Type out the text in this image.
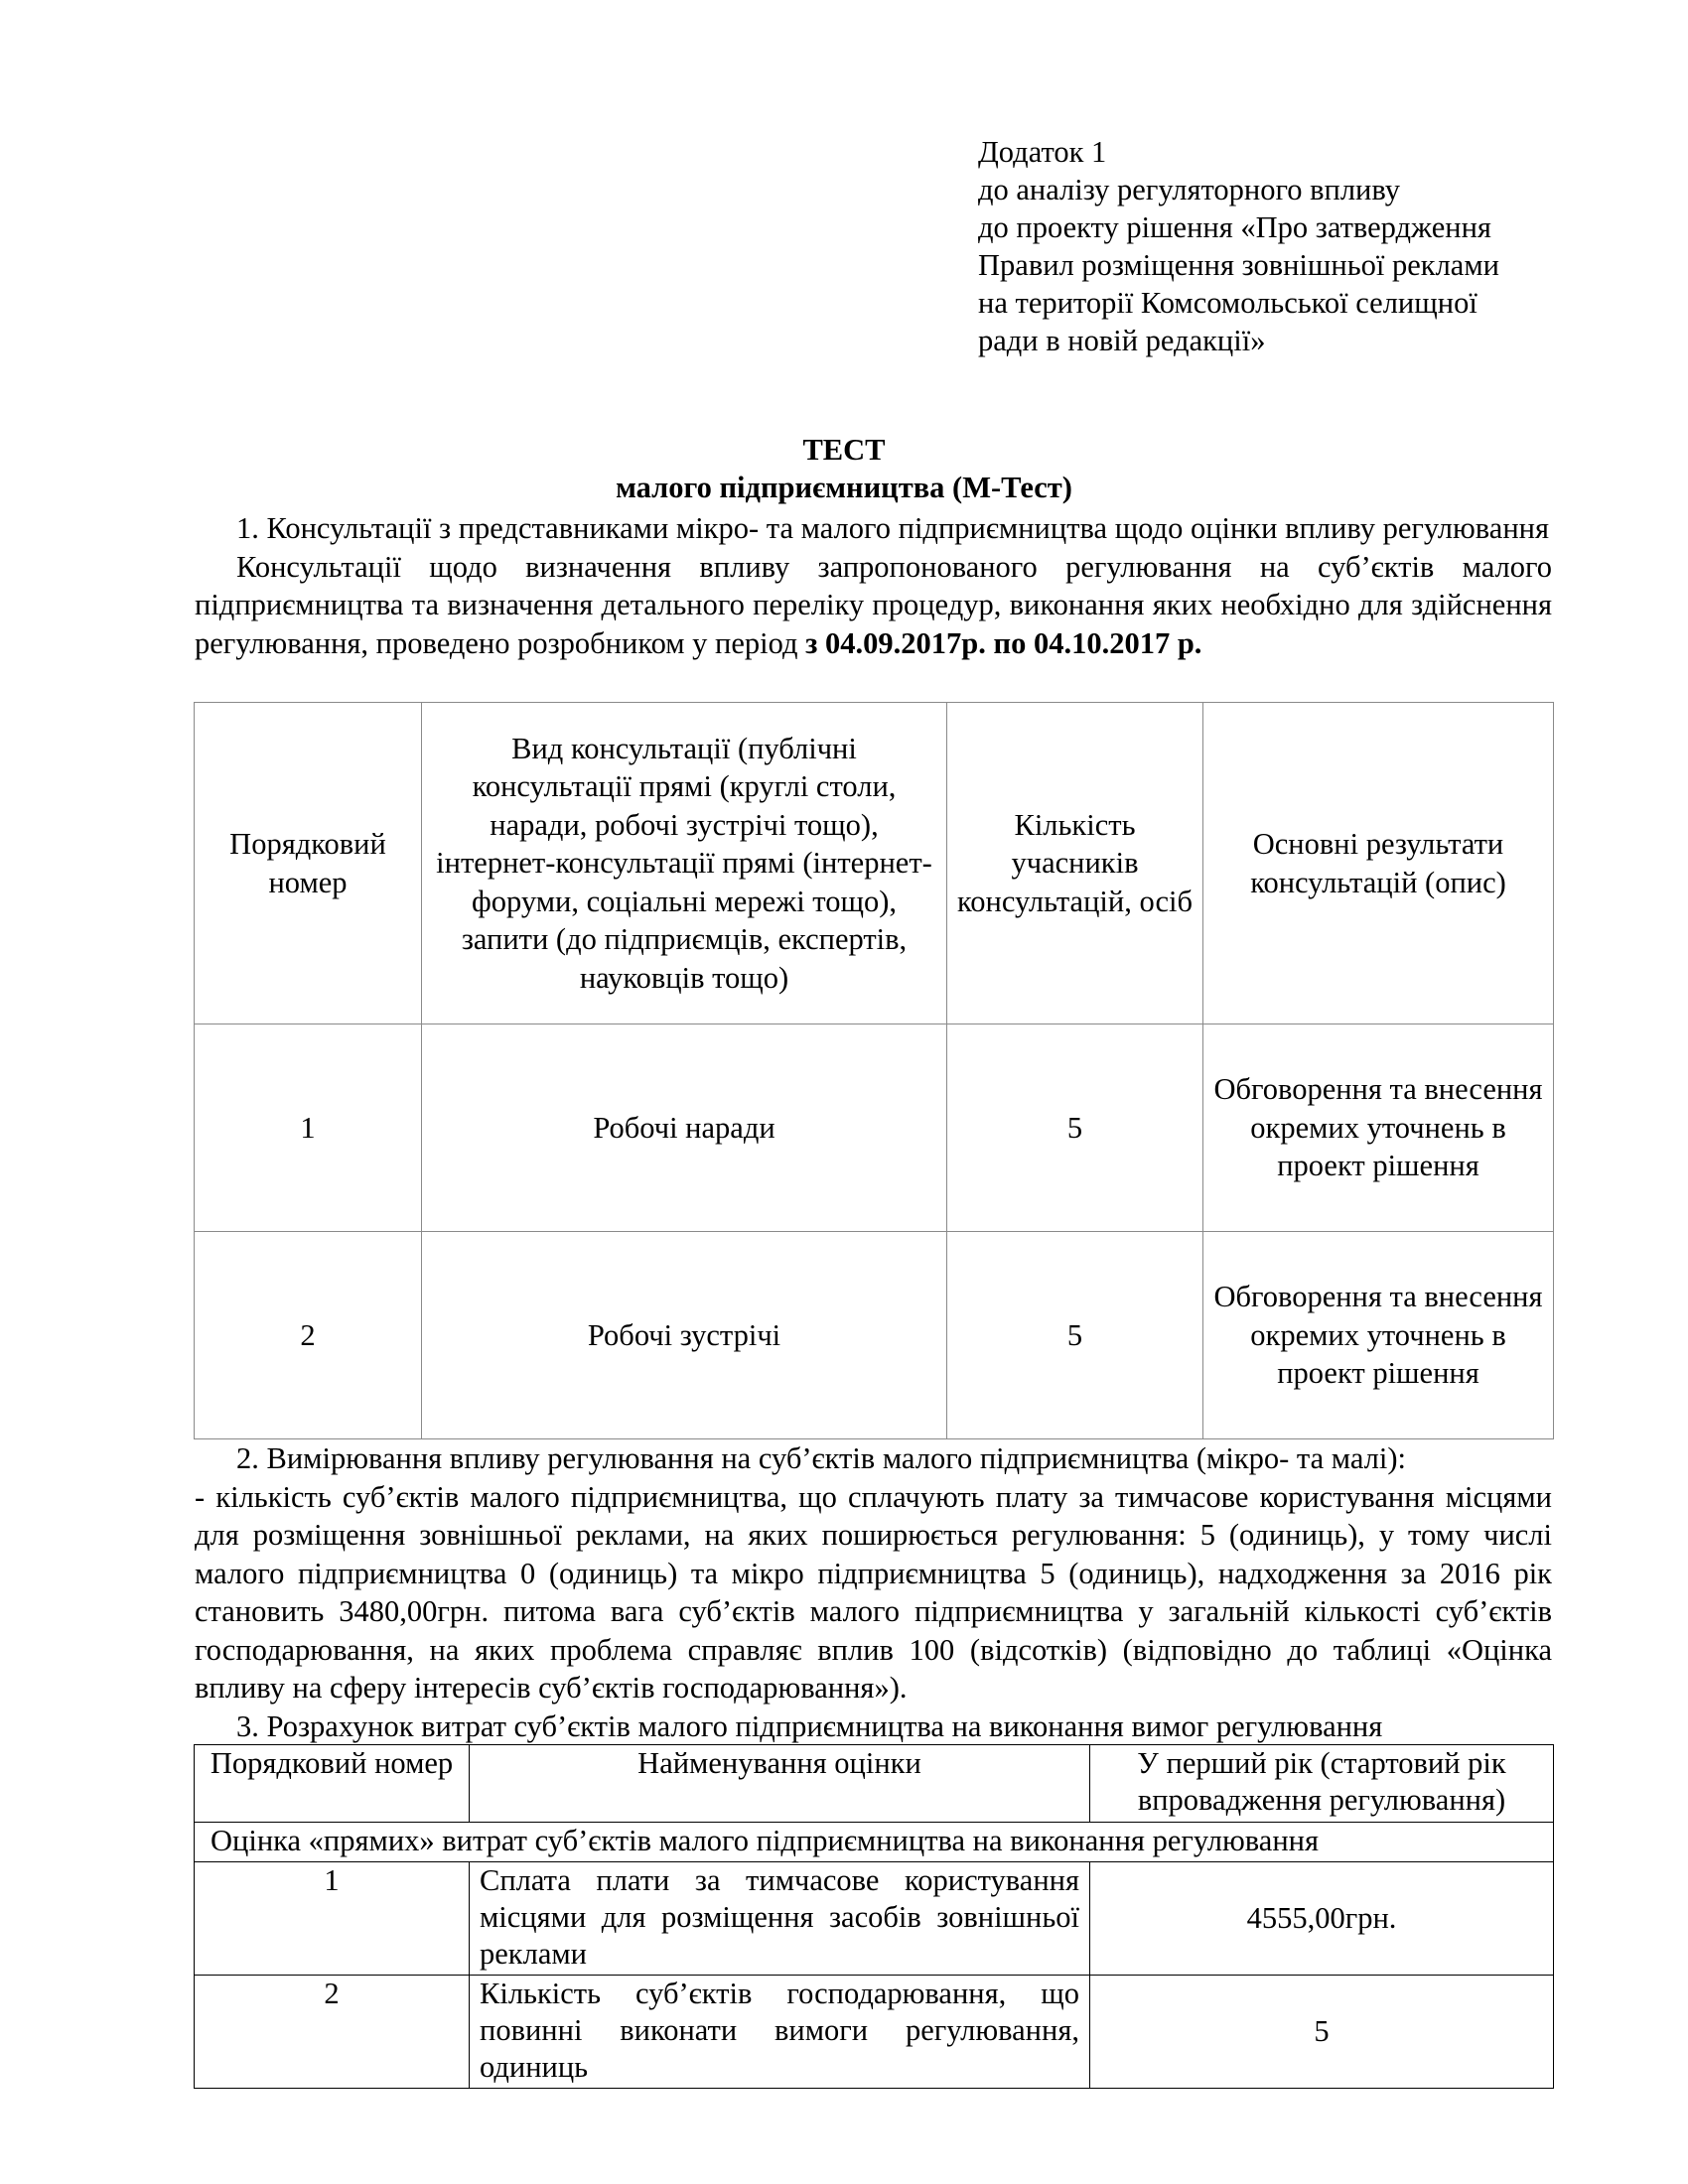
Додаток 1
до аналізу регуляторного впливу
до проекту рішення «Про затвердження
Правил розміщення зовнішньої реклами
на території Комсомольської селищної
ради в новій редакції»
ТЕСТ
малого підприємництва (М-Тест)

1. Консультації з представниками мікро- та малого підприємництва щодо оцінки впливу регулювання

Консультації щодо визначення впливу запропонованого регулювання на суб’єктів малого підприємництва та визначення детального переліку процедур, виконання яких необхідно для здійснення регулювання, проведено розробником у період з 04.09.2017р. по 04.10.2017 р.

Порядковий номер	Вид консультації (публічні консультації прямі (круглі столи, наради, робочі зустрічі тощо), інтернет-консультації прямі (інтернет-форуми, соціальні мережі тощо), запити (до підприємців, експертів, науковців тощо)	Кількість учасників консультацій, осіб	Основні результати консультацій (опис)
1	Робочі наради	5	Обговорення та внесення окремих уточнень в проект рішення
2	Робочі зустрічі	5	Обговорення та внесення окремих уточнень в проект рішення

2. Вимірювання впливу регулювання на суб’єктів малого підприємництва (мікро- та малі):

- кількість суб’єктів малого підприємництва, що сплачують плату за тимчасове користування місцями для розміщення зовнішньої реклами, на яких поширюється регулювання: 5 (одиниць), у тому числі малого підприємництва 0 (одиниць) та мікро підприємництва 5 (одиниць), надходження за 2016 рік становить 3480,00грн. питома вага суб’єктів малого підприємництва у загальній кількості суб’єктів господарювання, на яких проблема справляє вплив 100 (відсотків) (відповідно до таблиці «Оцінка впливу на сферу інтересів суб’єктів господарювання»).

3. Розрахунок витрат суб’єктів малого підприємництва на виконання вимог регулювання

Порядковий номер	Найменування оцінки	У перший рік (стартовий рік впровадження регулювання)
Оцінка «прямих» витрат суб’єктів малого підприємництва на виконання регулювання		
1	Сплата плати за тимчасове користування місцями для розміщення засобів зовнішньої реклами	4555,00грн.
2	Кількість суб’єктів господарювання, що повинні виконати вимоги регулювання, одиниць	5
